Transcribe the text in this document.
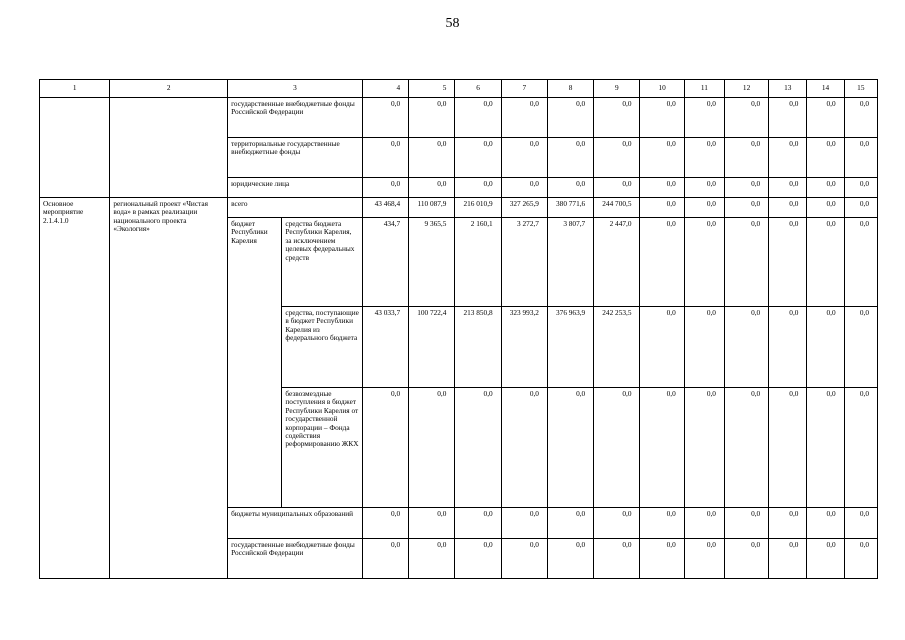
58
1	2	3		4	5	6	7	8	9	10	11	12	13	14	15
		государственные внебюджетные фонды Российской Федерации		0,0	0,0	0,0	0,0	0,0	0,0	0,0	0,0	0,0	0,0	0,0	0,0
		территориальные государственные внебюджетные фонды		0,0	0,0	0,0	0,0	0,0	0,0	0,0	0,0	0,0	0,0	0,0	0,0
		юридические лица		0,0	0,0	0,0	0,0	0,0	0,0	0,0	0,0	0,0	0,0	0,0	0,0
Основное мероприятие 2.1.4.1.0	региональный проект «Чистая вода» в рамках реализации национального проекта «Экология»	всего		43 468,4	110 087,9	216 010,9	327 265,9	380 771,6	244 700,5	0,0	0,0	0,0	0,0	0,0	0,0
		бюджет Республики Карелия	средства бюджета Республики Карелия, за исключением целевых федеральных средств	434,7	9 365,5	2 160,1	3 272,7	3 807,7	2 447,0	0,0	0,0	0,0	0,0	0,0	0,0
			средства, поступающие в бюджет Республики Карелия из федерального бюджета	43 033,7	100 722,4	213 850,8	323 993,2	376 963,9	242 253,5	0,0	0,0	0,0	0,0	0,0	0,0
			безвозмездные поступления в бюджет Республики Карелия от государственной корпорации – Фонда содействия реформированию ЖКХ	0,0	0,0	0,0	0,0	0,0	0,0	0,0	0,0	0,0	0,0	0,0	0,0
		бюджеты муниципальных образований		0,0	0,0	0,0	0,0	0,0	0,0	0,0	0,0	0,0	0,0	0,0	0,0
		государственные внебюджетные фонды Российской Федерации		0,0	0,0	0,0	0,0	0,0	0,0	0,0	0,0	0,0	0,0	0,0	0,0
